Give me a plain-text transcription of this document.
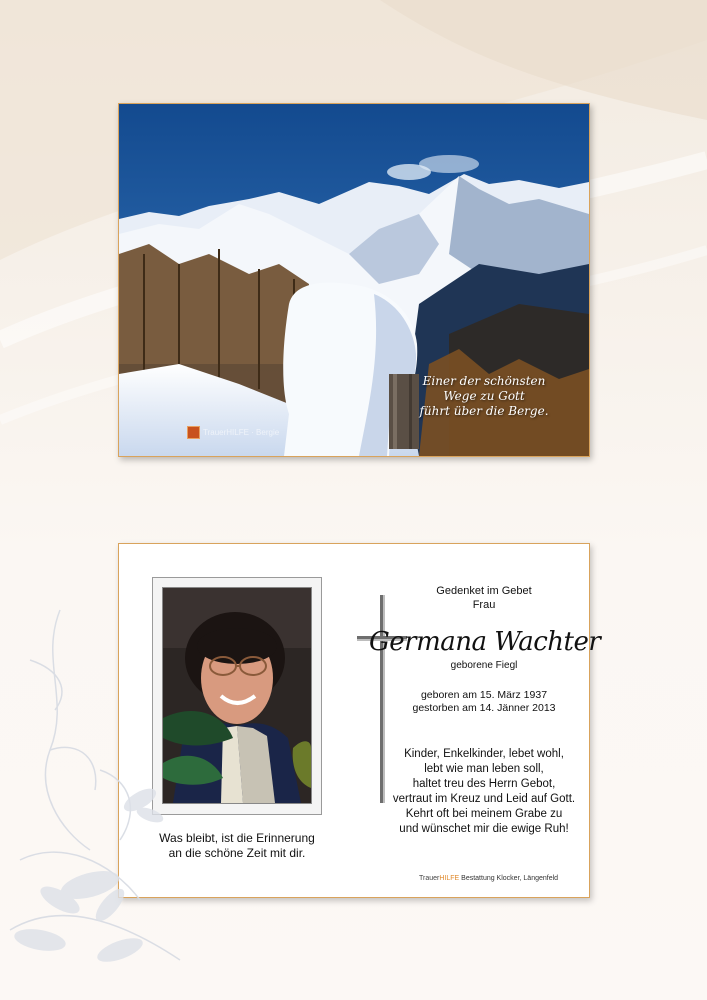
Einer der schönsten
Wege zu Gott
führt über die Berge.
TrauerHILFE · Bergie
Was bleibt, ist die Erinnerung
an die schöne Zeit mit dir.
Gedenket im Gebet
Frau
Germana Wachter
geborene Fiegl
geboren am 15. März 1937
gestorben am 14. Jänner 2013
Kinder, Enkelkinder, lebet wohl,
lebt wie man leben soll,
haltet treu des Herrn Gebot,
vertraut im Kreuz und Leid auf Gott.
Kehrt oft bei meinem Grabe zu
und wünschet mir die ewige Ruh!
TrauerHILFE Bestattung Klocker, Längenfeld
